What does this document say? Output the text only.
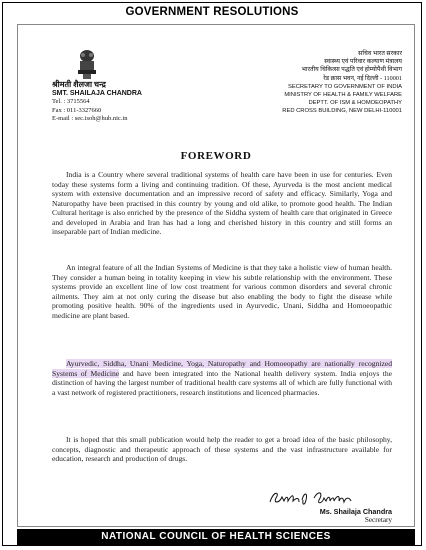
GOVERNMENT RESOLUTIONS
श्रीमती शैलजा चन्द्र
SMT. SHAILAJA CHANDRA
Tel. : 3715564
Fax : 011-3327660
E-mail : sec.isoh@hub.nic.in
सचिव भारत सरकार
स्वास्थ्य एवं परिवार कल्याण मंत्रालय
भारतीय चिकित्सा पद्धति एवं होम्योपैथी विभाग
रेड क्रास भवन, नई दिल्ली - 110001
SECRETARY TO GOVERNMENT OF INDIA
MINISTRY OF HEALTH & FAMILY WELFARE
DEPTT. OF ISM & HOMOEOPATHY
RED CROSS BUILDING, NEW DELHI-110001
FOREWORD

India is a Country where several traditional systems of health care have been in use for centuries. Even today these systems form a living and continuing tradition. Of these, Ayurveda is the most ancient medical system with extensive documentation and an impressive record of safety and efficacy. Similarly, Yoga and Naturopathy have been practised in this country by young and old alike, to promote good health. The Indian Cultural heritage is also enriched by the presence of the Siddha system of health care that originated in Greece and developed in Arabia and Iran has had a long and cherished history in this country and still forms an inseparable part of Indian medicine.

An integral feature of all the Indian Systems of Medicine is that they take a holistic view of human health. They consider a human being in totality keeping in view his subtle relationship with the environment. These systems provide an excellent line of low cost treatment for various common disorders and several chronic ailments. They aim at not only curing the disease but also enabling the body to fight the disease while promoting positive health. 90% of the ingredients used in Ayurvedic, Unani, Siddha and Homoeopathic medicine are plant based.

Ayurvedic, Siddha, Unani Medicine, Yoga, Naturopathy and Homoeopathy are nationally recognized Systems of Medicine and have been integrated into the National health delivery system. India enjoys the distinction of having the largest number of traditional health care systems all of which are fully functional with a vast network of registered practitioners, research institutions and licenced pharmacies.

It is hoped that this small publication would help the reader to get a broad idea of the basic philosophy, concepts, diagnostic and therapeutic approach of these systems and the vast infrastructure available for education, research and production of drugs.

Ms. Shailaja Chandra
Secretary
NATIONAL COUNCIL OF HEALTH SCIENCES
